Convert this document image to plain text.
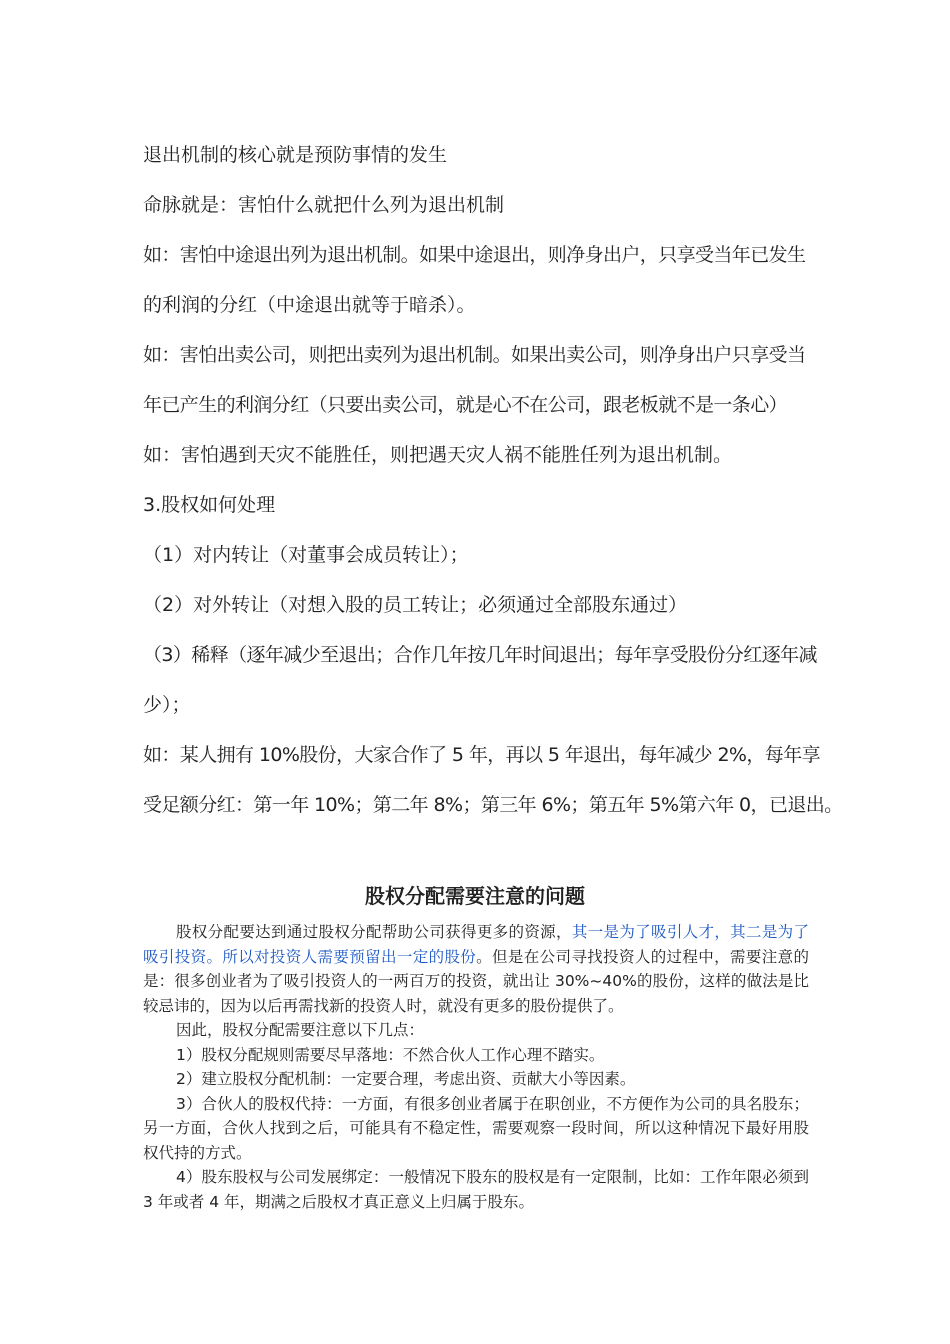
退出机制的核心就是预防事情的发生

命脉就是：害怕什么就把什么列为退出机制

如：害怕中途退出列为退出机制。如果中途退出，则净身出户，只享受当年已发生

的利润的分红（中途退出就等于暗杀）。

如：害怕出卖公司，则把出卖列为退出机制。如果出卖公司，则净身出户只享受当

年已产生的利润分红（只要出卖公司，就是心不在公司，跟老板就不是一条心）

如：害怕遇到天灾不能胜任，则把遇天灾人祸不能胜任列为退出机制。

3.股权如何处理

（1）对内转让（对董事会成员转让）；

（2）对外转让（对想入股的员工转让；必须通过全部股东通过）

（3）稀释（逐年减少至退出；合作几年按几年时间退出；每年享受股份分红逐年减

少）；

如：某人拥有 10%股份，大家合作了 5 年，再以 5 年退出，每年减少 2%，每年享

受足额分红：第一年 10%；第二年 8%；第三年 6%；第五年 5%第六年 0，已退出。

股权分配需要注意的问题

股权分配要达到通过股权分配帮助公司获得更多的资源，其一是为了吸引人才，其二是为了吸引投资。所以对投资人需要预留出一定的股份。但是在公司寻找投资人的过程中，需要注意的是：很多创业者为了吸引投资人的一两百万的投资，就出让 30%~40%的股份，这样的做法是比较忌讳的，因为以后再需找新的投资人时，就没有更多的股份提供了。

因此，股权分配需要注意以下几点：

1）股权分配规则需要尽早落地：不然合伙人工作心理不踏实。

2）建立股权分配机制：一定要合理，考虑出资、贡献大小等因素。

3）合伙人的股权代持：一方面，有很多创业者属于在职创业，不方便作为公司的具名股东；另一方面，合伙人找到之后，可能具有不稳定性，需要观察一段时间，所以这种情况下最好用股权代持的方式。

4）股东股权与公司发展绑定：一般情况下股东的股权是有一定限制，比如：工作年限必须到 3 年或者 4 年，期满之后股权才真正意义上归属于股东。
